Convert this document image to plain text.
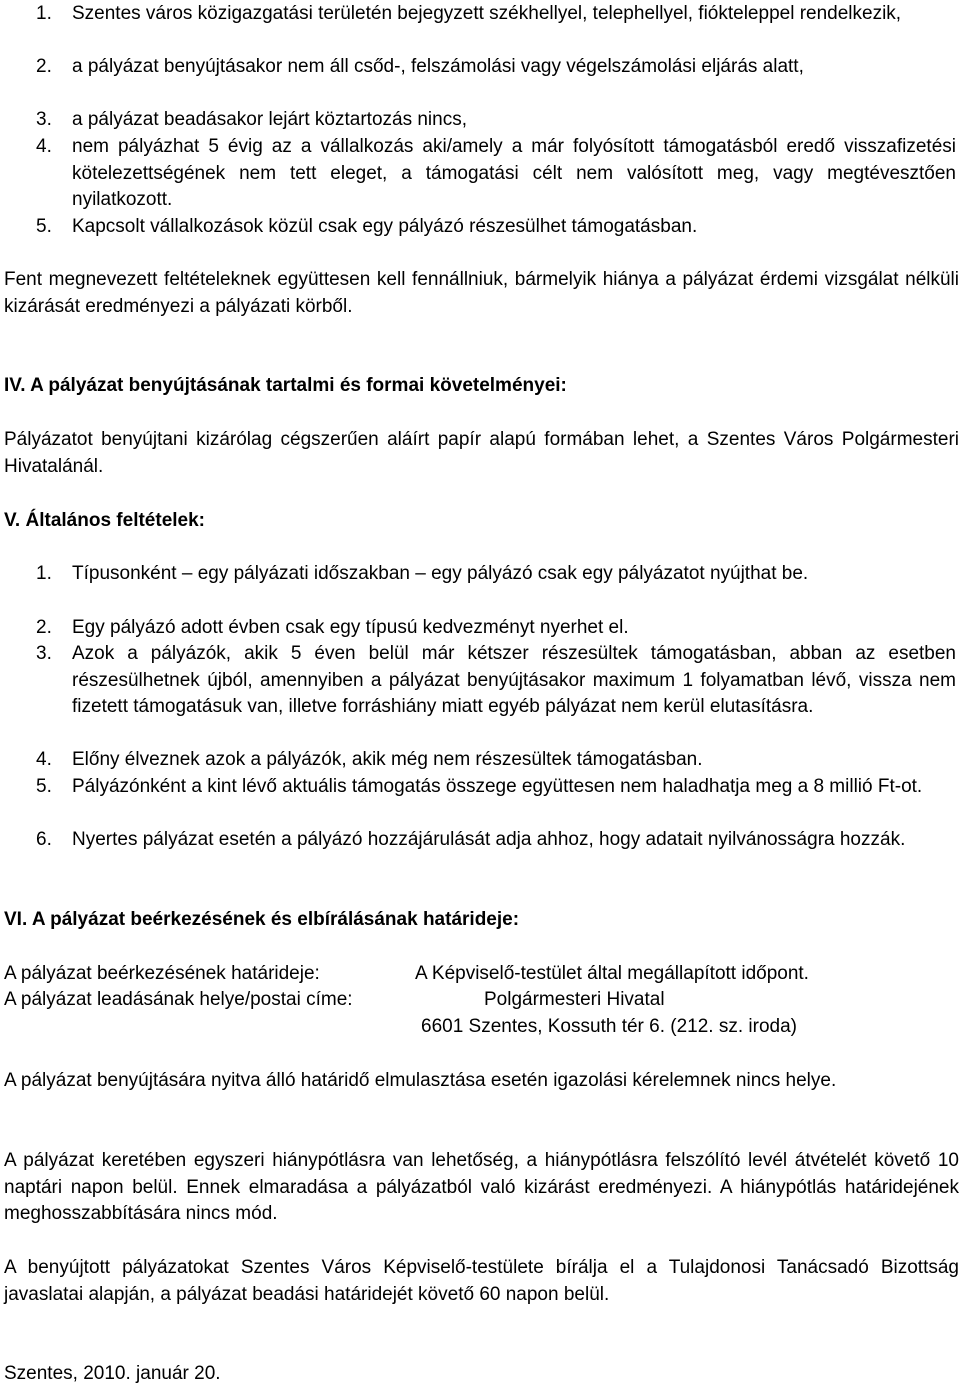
1. Szentes város közigazgatási területén bejegyzett székhellyel, telephellyel, fiókteleppel rendelkezik,
2. a pályázat benyújtásakor nem áll csőd-, felszámolási vagy végelszámolási eljárás alatt,
3. a pályázat beadásakor lejárt köztartozás nincs,
4. nem pályázhat 5 évig az a vállalkozás aki/amely a már folyósított támogatásból eredő visszafizetési kötelezettségének nem tett eleget, a támogatási célt nem valósított meg, vagy megtévesztően nyilatkozott.
5. Kapcsolt vállalkozások közül csak egy pályázó részesülhet támogatásban.
Fent megnevezett feltételeknek együttesen kell fennállniuk, bármelyik hiánya a pályázat érdemi vizsgálat nélküli kizárását eredményezi a pályázati körből.
IV. A pályázat benyújtásának tartalmi és formai követelményei:
Pályázatot benyújtani kizárólag cégszerűen aláírt papír alapú formában lehet, a Szentes Város Polgármesteri Hivatalánál.
V. Általános feltételek:
1. Típusonként – egy pályázati időszakban – egy pályázó csak egy pályázatot nyújthat be.
2. Egy pályázó adott évben csak egy típusú kedvezményt nyerhet el.
3. Azok a pályázók, akik 5 éven belül már kétszer részesültek támogatásban, abban az esetben részesülhetnek újból, amennyiben a pályázat benyújtásakor maximum 1 folyamatban lévő, vissza nem fizetett támogatásuk van, illetve forráshiány miatt egyéb pályázat nem kerül elutasításra.
4. Előny élveznek azok a pályázók, akik még nem részesültek támogatásban.
5. Pályázónként a kint lévő aktuális támogatás összege együttesen nem haladhatja meg a 8 millió Ft-ot.
6. Nyertes pályázat esetén a pályázó hozzájárulását adja ahhoz, hogy adatait nyilvánosságra hozzák.
VI. A pályázat beérkezésének és elbírálásának határideje:
A pályázat beérkezésének határideje:	A Képviselő-testület által megállapított időpont.
A pályázat leadásának helye/postai címe:	Polgármesteri Hivatal
6601 Szentes, Kossuth tér 6. (212. sz. iroda)
A pályázat benyújtására nyitva álló határidő elmulasztása esetén igazolási kérelemnek nincs helye.
A pályázat keretében egyszeri hiánypótlásra van lehetőség, a hiánypótlásra felszólító levél átvételét követő 10 naptári napon belül. Ennek elmaradása a pályázatból való kizárást eredményezi. A hiánypótlás határidejének meghosszabbítására nincs mód.
A benyújtott pályázatokat Szentes Város Képviselő-testülete bírálja el a Tulajdonosi Tanácsadó Bizottság javaslatai alapján, a pályázat beadási határidejét követő 60 napon belül.
Szentes, 2010. január 20.
